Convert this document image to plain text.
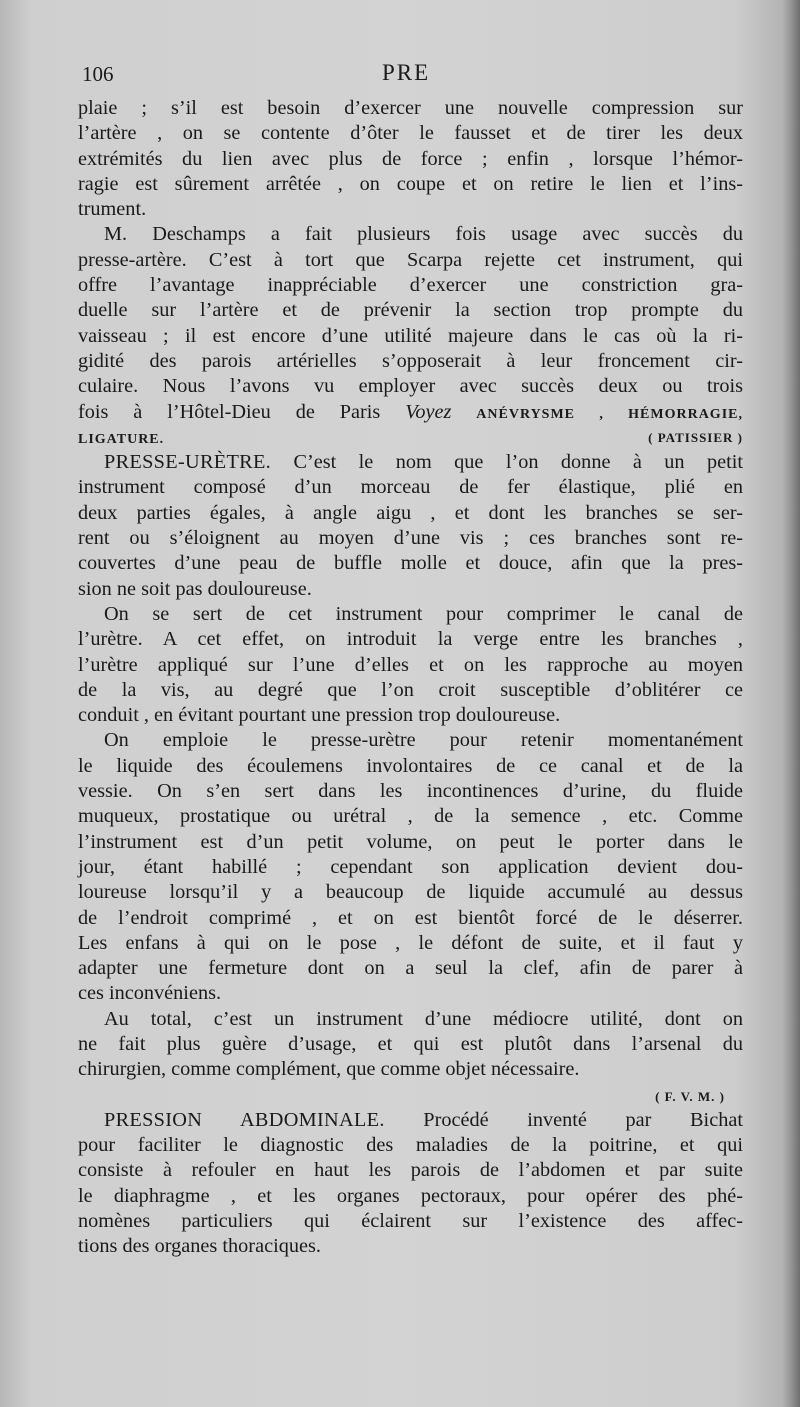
106	PRE
plaie ; s’il est besoin d’exercer une nouvelle compression sur
l’artère , on se contente d’ôter le fausset et de tirer les deux
extrémités du lien avec plus de force ; enfin , lorsque l’hémor-
ragie est sûrement arrêtée , on coupe et on retire le lien et l’ins-
trument.
M. Deschamps a fait plusieurs fois usage avec succès du
presse-artère. C’est à tort que Scarpa rejette cet instrument, qui
offre l’avantage inappréciable d’exercer une constriction gra-
duelle sur l’artère et de prévenir la section trop prompte du
vaisseau ; il est encore d’une utilité majeure dans le cas où la ri-
gidité des parois artérielles s’opposerait à leur froncement cir-
culaire. Nous l’avons vu employer avec succès deux ou trois
fois à l’Hôtel-Dieu de Paris Voyez ANÉVRYSME , HÉMORRAGIE,
LIGATURE.	( PATISSIER )
PRESSE-URÈTRE. C’est le nom que l’on donne à un petit
instrument composé d’un morceau de fer élastique, plié en
deux parties égales, à angle aigu , et dont les branches se ser-
rent ou s’éloignent au moyen d’une vis ; ces branches sont re-
couvertes d’une peau de buffle molle et douce, afin que la pres-
sion ne soit pas douloureuse.
On se sert de cet instrument pour comprimer le canal de
l’urètre. A cet effet, on introduit la verge entre les branches ,
l’urètre appliqué sur l’une d’elles et on les rapproche au moyen
de la vis, au degré que l’on croit susceptible d’oblitérer ce
conduit , en évitant pourtant une pression trop douloureuse.
On emploie le presse-urètre pour retenir momentanément
le liquide des écoulemens involontaires de ce canal et de la
vessie. On s’en sert dans les incontinences d’urine, du fluide
muqueux, prostatique ou urétral , de la semence , etc. Comme
l’instrument est d’un petit volume, on peut le porter dans le
jour, étant habillé ; cependant son application devient dou-
loureuse lorsqu’il y a beaucoup de liquide accumulé au dessus
de l’endroit comprimé , et on est bientôt forcé de le déserrer.
Les enfans à qui on le pose , le défont de suite, et il faut y
adapter une fermeture dont on a seul la clef, afin de parer à
ces inconvéniens.
Au total, c’est un instrument d’une médiocre utilité, dont on
ne fait plus guère d’usage, et qui est plutôt dans l’arsenal du
chirurgien, comme complément, que comme objet nécessaire.
( F. V. M. )
PRESSION ABDOMINALE. Procédé inventé par Bichat
pour faciliter le diagnostic des maladies de la poitrine, et qui
consiste à refouler en haut les parois de l’abdomen et par suite
le diaphragme , et les organes pectoraux, pour opérer des phé-
nomènes particuliers qui éclairent sur l’existence des affec-
tions des organes thoraciques.
